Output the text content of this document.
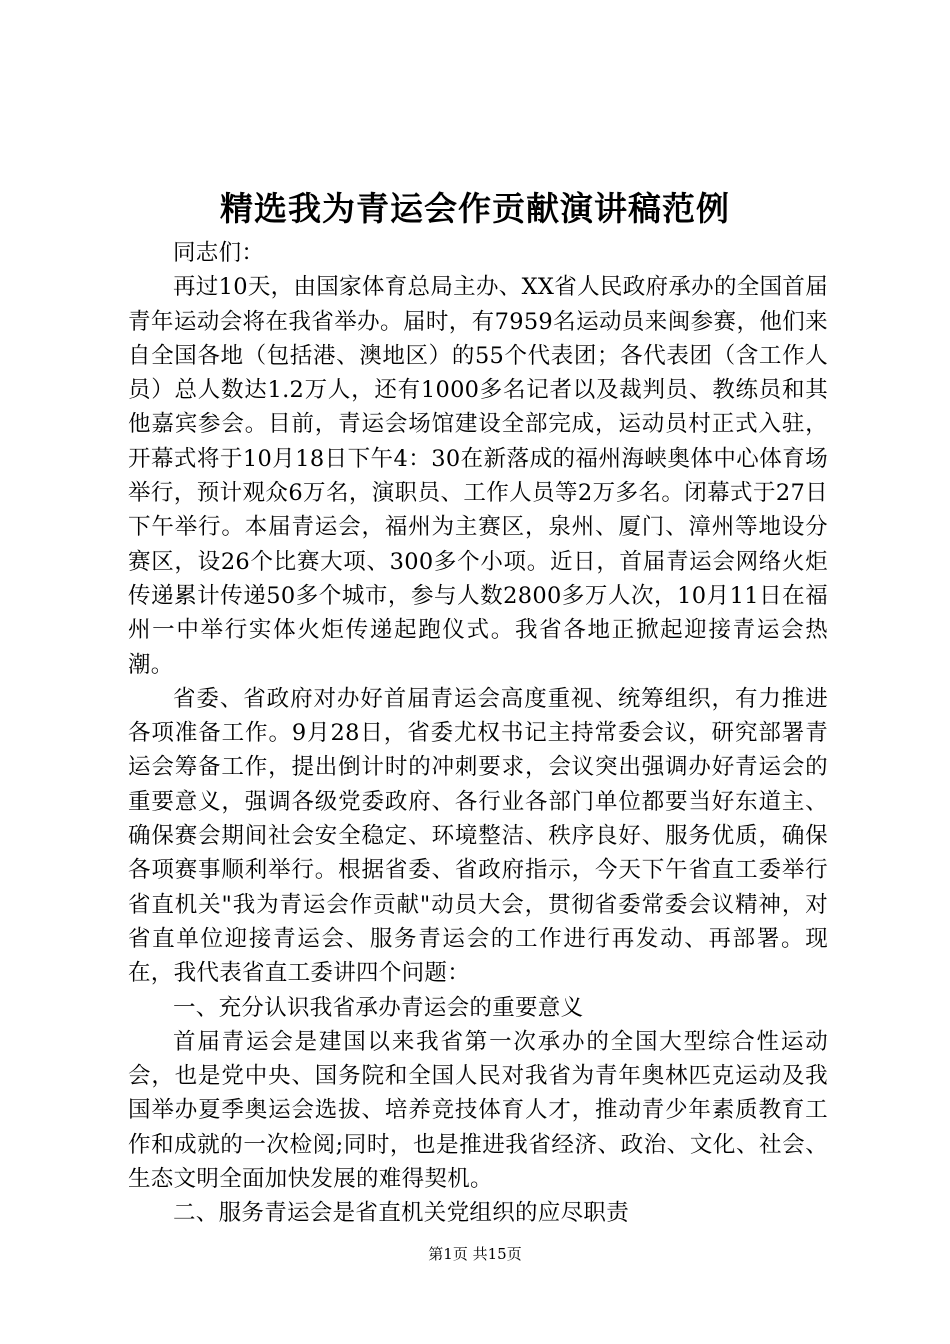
精选我为青运会作贡献演讲稿范例

同志们：

再过10天，由国家体育总局主办、XX省人民政府承办的全国首届青年运动会将在我省举办。届时，有7959名运动员来闽参赛，他们来自全国各地（包括港、澳地区）的55个代表团；各代表团（含工作人员）总人数达1.2万人，还有1000多名记者以及裁判员、教练员和其他嘉宾参会。目前，青运会场馆建设全部完成，运动员村正式入驻，开幕式将于10月18日下午4：30在新落成的福州海峡奥体中心体育场举行，预计观众6万名，演职员、工作人员等2万多名。闭幕式于27日下午举行。本届青运会，福州为主赛区，泉州、厦门、漳州等地设分赛区，设26个比赛大项、300多个小项。近日，首届青运会网络火炬传递累计传递50多个城市，参与人数2800多万人次，10月11日在福州一中举行实体火炬传递起跑仪式。我省各地正掀起迎接青运会热潮。

省委、省政府对办好首届青运会高度重视、统筹组织，有力推进各项准备工作。9月28日，省委尤权书记主持常委会议，研究部署青运会筹备工作，提出倒计时的冲刺要求，会议突出强调办好青运会的重要意义，强调各级党委政府、各行业各部门单位都要当好东道主、确保赛会期间社会安全稳定、环境整洁、秩序良好、服务优质，确保各项赛事顺利举行。根据省委、省政府指示，今天下午省直工委举行省直机关"我为青运会作贡献"动员大会，贯彻省委常委会议精神，对省直单位迎接青运会、服务青运会的工作进行再发动、再部署。现在，我代表省直工委讲四个问题：

一、充分认识我省承办青运会的重要意义

首届青运会是建国以来我省第一次承办的全国大型综合性运动会，也是党中央、国务院和全国人民对我省为青年奥林匹克运动及我国举办夏季奥运会选拔、培养竞技体育人才，推动青少年素质教育工作和成就的一次检阅;同时，也是推进我省经济、政治、文化、社会、生态文明全面加快发展的难得契机。

二、服务青运会是省直机关党组织的应尽职责

第1页 共15页
